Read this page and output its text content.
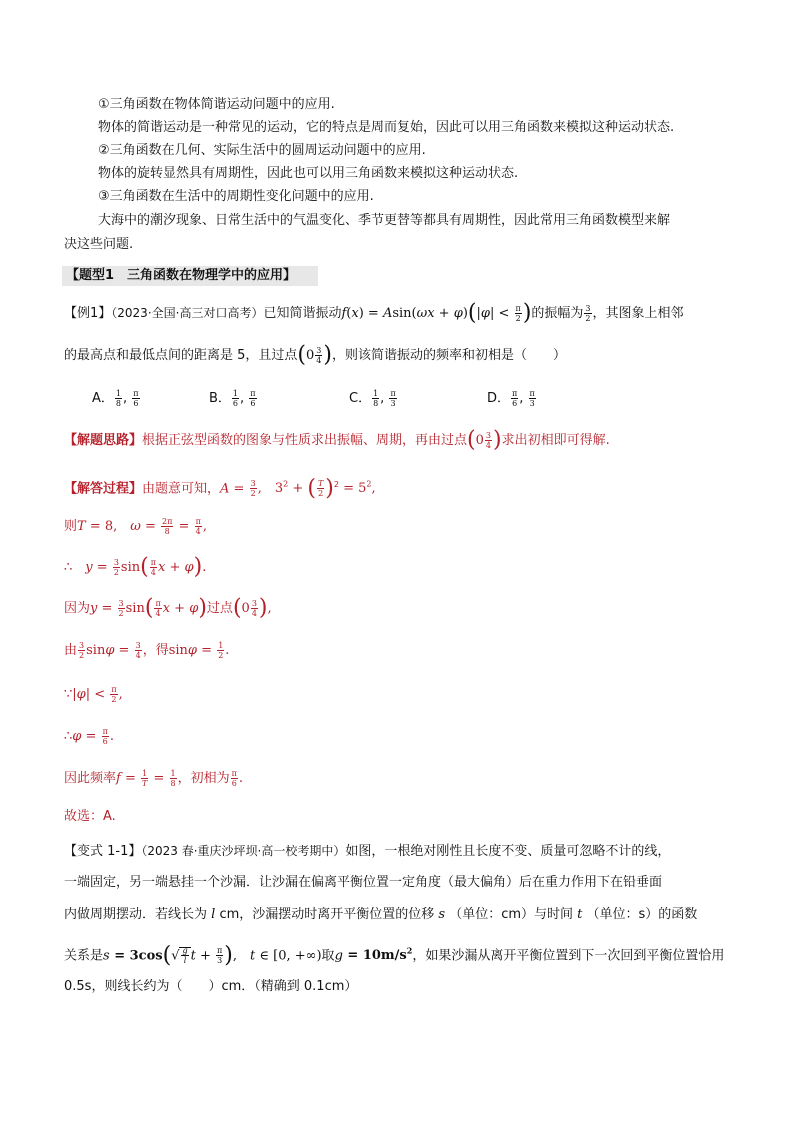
①三角函数在物体简谐运动问题中的应用.
物体的简谐运动是一种常见的运动，它的特点是周而复始，因此可以用三角函数来模拟这种运动状态.
②三角函数在几何、实际生活中的圆周运动问题中的应用.
物体的旋转显然具有周期性，因此也可以用三角函数来模拟这种运动状态.
③三角函数在生活中的周期性变化问题中的应用.
大海中的潮汐现象、日常生活中的气温变化、季节更替等都具有周期性，因此常用三角函数模型来解
决这些问题.
【题型1　三角函数在物理学中的应用】
【例1】（2023·全国·高三对口高考）已知简谐振动$f(x) = Asin(\omega x + \varphi)(|\varphi| < \frac{\pi}{2}$ )的振幅为 $\frac{3}{2}$ ，其图象上相邻
的最高点和最低点间的距离是 5，且过点($0 \frac{3}{4}$ )，则该简谐振动的频率和初相是（　　）
A． $\frac{1}{8}$ , $\frac{\pi}{6}$	B． $\frac{1}{6}$ , $\frac{\pi}{6}$	C． $\frac{1}{8}$ , $\frac{\pi}{3}$	D． $\frac{\pi}{6}$ , $\frac{\pi}{3}$
【解题思路】根据正弦型函数的图象与性质求出振幅、周期，再由过点($0 \frac{3}{4}$ )求出初相即可得解.
【解答过程】由题意可知，$A = \frac{3}{2}$ ,　$3^2$ + ( $\frac{T}{2} )^2 = 5^2$,
则T = 8,　$\omega = \frac{2\pi}{8} = \frac{\pi}{4}$ ,
∴　 $y = \frac{3}{2} \sin( \frac{\pi}{4}$ x + φ).
因为$y = \frac{3}{2} \sin( \frac{\pi}{4}$ x + φ)过点($0 \frac{3}{4}$ ),
由 $\frac{3}{2}$ $\sin\varphi = \frac{3}{4}$ ，得$\sin\varphi = \frac{1}{2}$ .
∵|φ| < $\frac{\pi}{2}$ ,
∴φ = $\frac{\pi}{6}$ .
因此频率$f = \frac{1}{T} = \frac{1}{8}$ ，初相为 $\frac{\pi}{6}$ .
故选：A.
【变式 1-1】（2023 春·重庆沙坪坝·高一校考期中）如图，一根绝对刚性且长度不变、质量可忽略不计的线，
一端固定，另一端悬挂一个沙漏．让沙漏在偏离平衡位置一定角度（最大偏角）后在重力作用下在铅垂面
内做周期摆动．若线长为 l cm，沙漏摆动时离开平衡位置的位移 s （单位：cm）与时间 t （单位：s）的函数
关系是$s = 3\cos(√ \frac{g}{l}$ $t + \frac{\pi}{3}$ ),　t ∈ [0, +∞)取$g = 10m/s^2$，如果沙漏从离开平衡位置到下一次回到平衡位置恰用
0.5s，则线长约为（　　）cm．（精确到 0.1cm）
